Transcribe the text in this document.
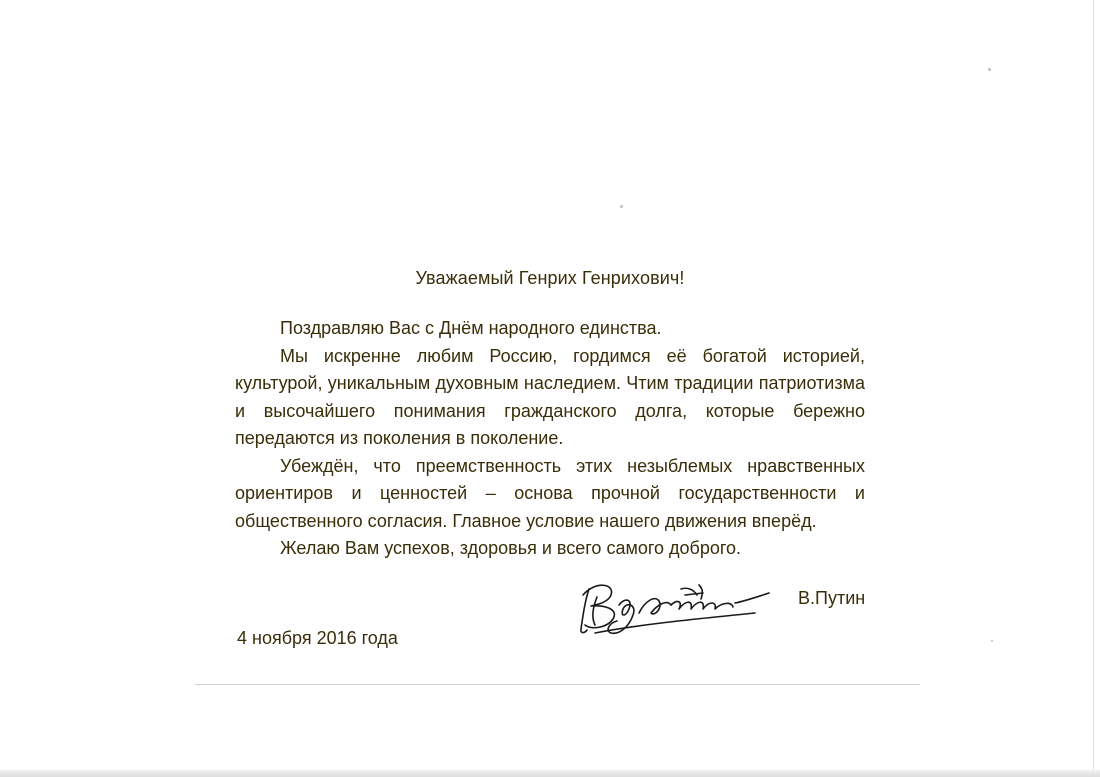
Уважаемый Генрих Генрихович!

Поздравляю Вас с Днём народного единства.

Мы искренне любим Россию, гордимся её богатой историей, культурой, уникальным духовным наследием. Чтим традиции патриотизма и высочайшего понимания гражданского долга, которые бережно передаются из поколения в поколение.

Убеждён, что преемственность этих незыблемых нравственных ориентиров и ценностей – основа прочной государственности и общественного согласия. Главное условие нашего движения вперёд.

Желаю Вам успехов, здоровья и всего самого доброго.

В.Путин
4 ноября 2016 года
